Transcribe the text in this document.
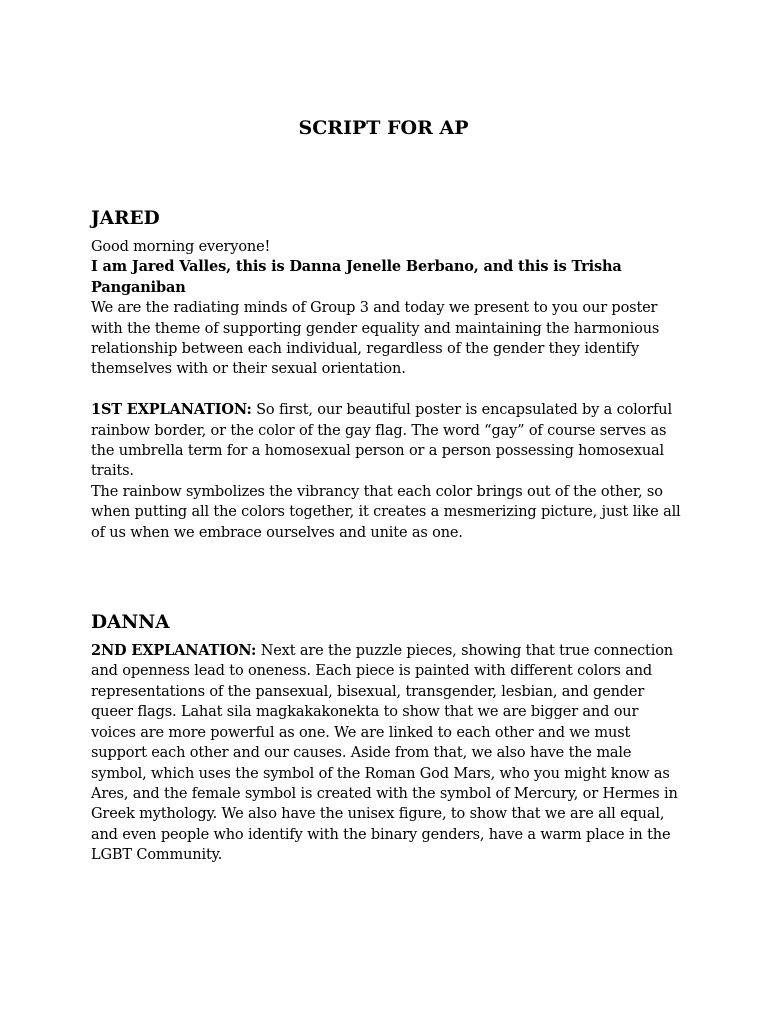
SCRIPT FOR AP
JARED

Good morning everyone!

I am Jared Valles, this is Danna Jenelle Berbano, and this is Trisha Panganiban

We are the radiating minds of Group 3 and today we present to you our poster with the theme of supporting gender equality and maintaining the harmonious relationship between each individual, regardless of the gender they identify themselves with or their sexual orientation.

1ST EXPLANATION: So first, our beautiful poster is encapsulated by a colorful rainbow border, or the color of the gay flag. The word “gay” of course serves as the umbrella term for a homosexual person or a person possessing homosexual traits.

The rainbow symbolizes the vibrancy that each color brings out of the other, so when putting all the colors together, it creates a mesmerizing picture, just like all of us when we embrace ourselves and unite as one.

DANNA

2ND EXPLANATION: Next are the puzzle pieces, showing that true connection and openness lead to oneness. Each piece is painted with different colors and representations of the pansexual, bisexual, transgender, lesbian, and gender queer flags. Lahat sila magkakakonekta to show that we are bigger and our voices are more powerful as one. We are linked to each other and we must support each other and our causes. Aside from that, we also have the male symbol, which uses the symbol of the Roman God Mars, who you might know as Ares, and the female symbol is created with the symbol of Mercury, or Hermes in Greek mythology. We also have the unisex figure, to show that we are all equal, and even people who identify with the binary genders, have a warm place in the LGBT Community.
